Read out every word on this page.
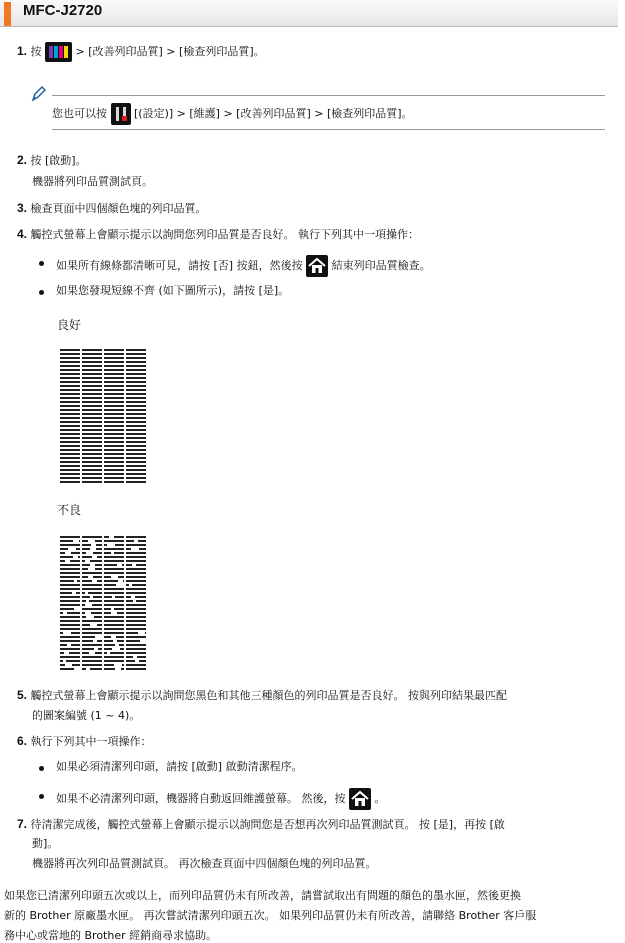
MFC-J2720
1. 按	> [改善列印品質] > [檢查列印品質]。
您也可以按 [(設定)] > [維護] > [改善列印品質] > [檢查列印品質]。
2. 按 [啟動]。
機器將列印品質測試頁。
3. 檢查頁面中四個顏色塊的列印品質。
4. 觸控式螢幕上會顯示提示以詢問您列印品質是否良好。 執行下列其中一項操作：
如果所有線條都清晰可見，請按 [否] 按鈕，然後按	結束列印品質檢查。
如果您發現短線不齊 (如下圖所示)，請按 [是]。
良好
不良
5. 觸控式螢幕上會顯示提示以詢問您黑色和其他三種顏色的列印品質是否良好。 按與列印結果最匹配
的圖案編號 (1 ~ 4)。
6. 執行下列其中一項操作：
如果必須清潔列印頭，請按 [啟動] 啟動清潔程序。
如果不必清潔列印頭，機器將自動返回維護螢幕。 然後，按	。
7. 待清潔完成後，觸控式螢幕上會顯示提示以詢問您是否想再次列印品質測試頁。 按 [是]，再按 [啟
動]。
機器將再次列印品質測試頁。 再次檢查頁面中四個顏色塊的列印品質。
如果您已清潔列印頭五次或以上，而列印品質仍未有所改善，請嘗試取出有問題的顏色的墨水匣，然後更換
新的 Brother 原廠墨水匣。 再次嘗試清潔列印頭五次。 如果列印品質仍未有所改善，請聯絡 Brother 客戶服
務中心或當地的 Brother 經銷商尋求協助。
